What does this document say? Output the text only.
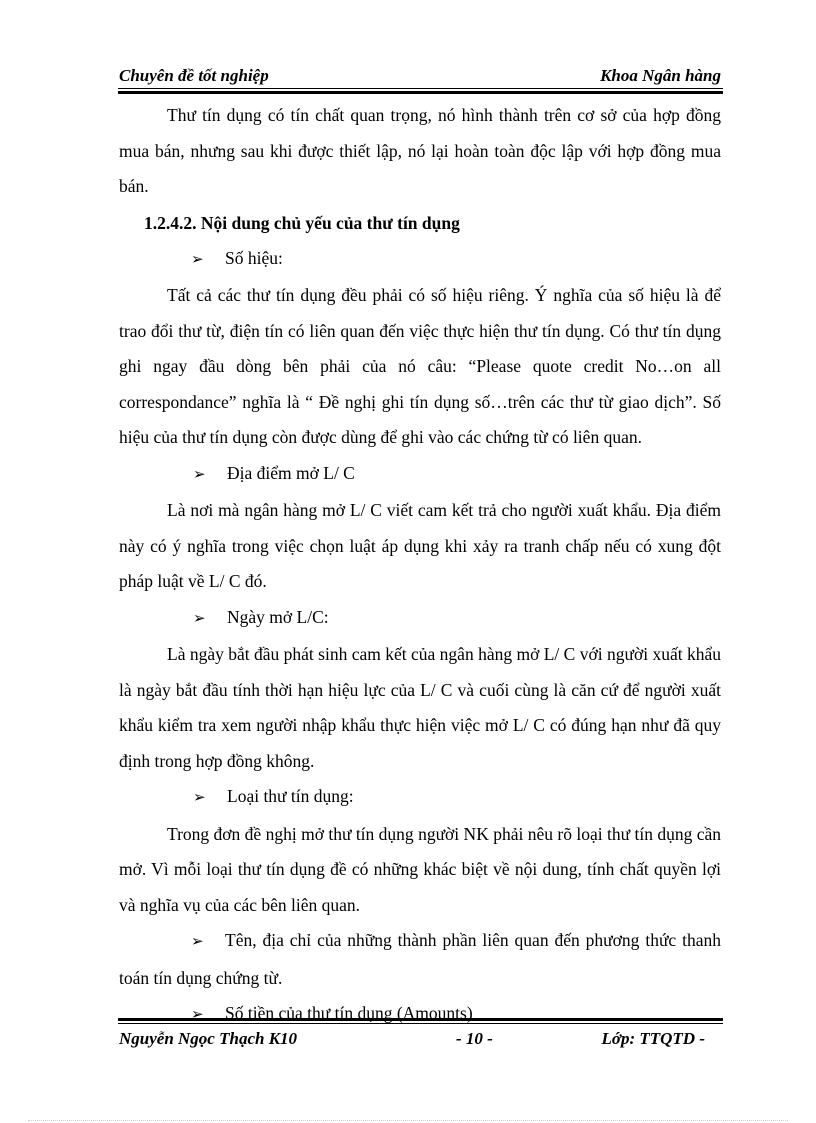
Chuyên đề tốt nghiệp	Khoa Ngân hàng

Thư tín dụng có tín chất quan trọng, nó hình thành trên cơ sở của hợp đồng mua bán, nhưng sau khi được thiết lập, nó lại hoàn toàn độc lập với hợp đồng mua bán.

1.2.4.2. Nội dung chủ yếu của thư tín dụng
➢ Số hiệu:

Tất cả các thư tín dụng đều phải có số hiệu riêng. Ý nghĩa của số hiệu là để trao đổi thư từ, điện tín có liên quan đến việc thực hiện thư tín dụng. Có thư tín dụng ghi ngay đầu dòng bên phải của nó câu: “Please quote credit No…on all correspondance” nghĩa là “ Đề nghị ghi tín dụng số…trên các thư từ giao dịch”. Số hiệu của thư tín dụng còn được dùng để ghi vào các chứng từ có liên quan.

➢ Địa điểm mở L/ C

Là nơi mà ngân hàng mở L/ C viết cam kết trả cho người xuất khẩu. Địa điểm này có ý nghĩa trong việc chọn luật áp dụng khi xảy ra tranh chấp nếu có xung đột pháp luật về L/ C đó.

➢ Ngày mở L/C:

Là ngày bắt đầu phát sinh cam kết của ngân hàng mở L/ C với người xuất khẩu là ngày bắt đầu tính thời hạn hiệu lực của L/ C và cuối cùng là căn cứ để người xuất khẩu kiểm tra xem người nhập khẩu thực hiện việc mở L/ C có đúng hạn như đã quy định trong hợp đồng không.

➢ Loại thư tín dụng:

Trong đơn đề nghị mở thư tín dụng người NK phải nêu rõ loại thư tín dụng cần mở. Vì mỗi loại thư tín dụng đề có những khác biệt về nội dung, tính chất quyền lợi và nghĩa vụ của các bên liên quan.

➢ Tên, địa chỉ của những thành phần liên quan đến phương thức thanh toán tín dụng chứng từ.

➢ Số tiền của thư tín dụng (Amounts)
Nguyễn Ngọc Thạch K10	- 10 -	Lớp: TTQTD -
